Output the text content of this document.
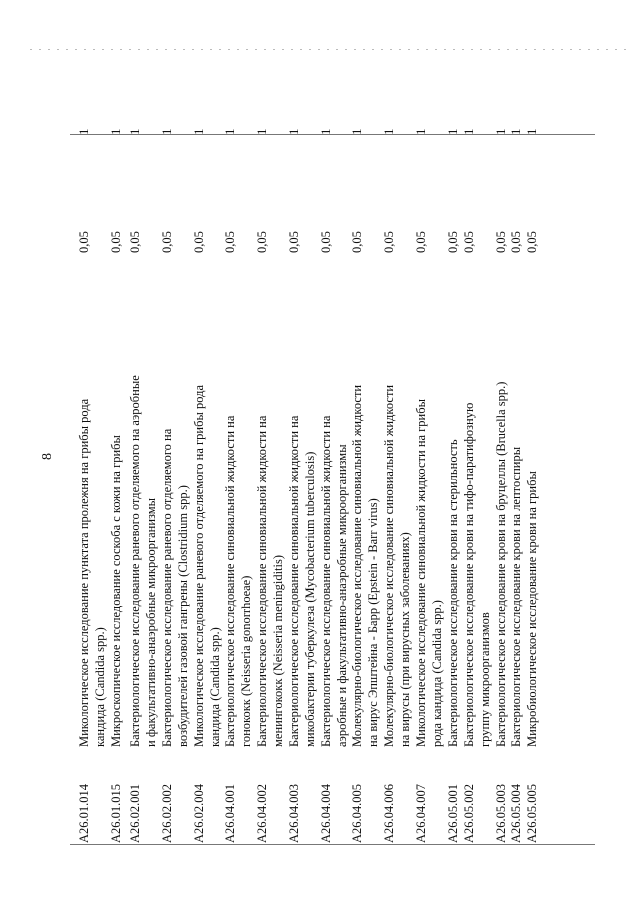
8
A26.01.014
Микологическое исследование пунктата пролежня на грибы рода кандида (Candida spp.)
0,05
1
A26.01.015
Микроскопическое исследование соскоба с кожи на грибы
0,05
1
A26.02.001
Бактериологическое исследование раневого отделяемого на аэробные и факультативно-анаэробные микроорганизмы
0,05
1
A26.02.002
Бактериологическое исследование раневого отделяемого на возбудителей газовой гангрены (Clostridium spp.)
0,05
1
A26.02.004
Микологическое исследование раневого отделяемого на грибы рода кандида (Candida spp.)
0,05
1
A26.04.001
Бактериологическое исследование синовиальной жидкости на гонококк (Neisseria gonorrhoeae)
0,05
1
A26.04.002
Бактериологическое исследование синовиальной жидкости на менингококк (Neisseria meningiditis)
0,05
1
A26.04.003
Бактериологическое исследование синовиальной жидкости на микобактерии туберкулеза (Mycobacterium tuberculosis)
0,05
1
A26.04.004
Бактериологическое исследование синовиальной жидкости на аэробные и факультативно-анаэробные микроорганизмы
0,05
1
A26.04.005
Молекулярно-биологическое исследование синовиальной жидкости на вирус Эпштейна - Барр (Epstein - Barr virus)
0,05
1
A26.04.006
Молекулярно-биологическое исследование синовиальной жидкости на вирусы (при вирусных заболеваниях)
0,05
1
A26.04.007
Микологическое исследование синовиальной жидкости на грибы рода кандида (Candida spp.)
0,05
1
A26.05.001
Бактериологическое исследование крови на стерильность
0,05
1
A26.05.002
Бактериологическое исследование крови на тифо-паратифозную группу микроорганизмов
0,05
1
A26.05.003
Бактериологическое исследование крови на бруцеллы (Brucella spp.)
0,05
1
A26.05.004
Бактериологическое исследование крови на лептоспиры
0,05
1
A26.05.005
Микробиологическое исследование крови на грибы
0,05
1
